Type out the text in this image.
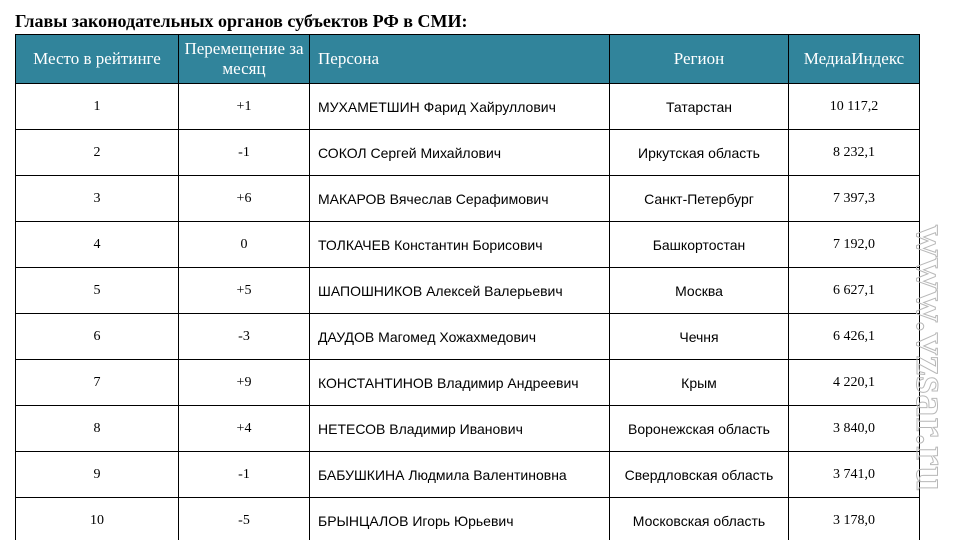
Главы законодательных органов субъектов РФ в СМИ:
Место в рейтинге	Перемещение за месяц	Персона	Регион	МедиаИндекс
1	+1	МУХАМЕТШИН Фарид Хайруллович	Татарстан	10 117,2
2	-1	СОКОЛ Сергей Михайлович	Иркутская область	8 232,1
3	+6	МАКАРОВ Вячеслав Серафимович	Санкт-Петербург	7 397,3
4	0	ТОЛКАЧЕВ Константин Борисович	Башкортостан	7 192,0
5	+5	ШАПОШНИКОВ Алексей Валерьевич	Москва	6 627,1
6	-3	ДАУДОВ Магомед Хожахмедович	Чечня	6 426,1
7	+9	КОНСТАНТИНОВ Владимир Андреевич	Крым	4 220,1
8	+4	НЕТЕСОВ Владимир Иванович	Воронежская область	3 840,0
9	-1	БАБУШКИНА Людмила Валентиновна	Свердловская область	3 741,0
10	-5	БРЫНЦАЛОВ Игорь Юрьевич	Московская область	3 178,0
www.vzsar.ru
